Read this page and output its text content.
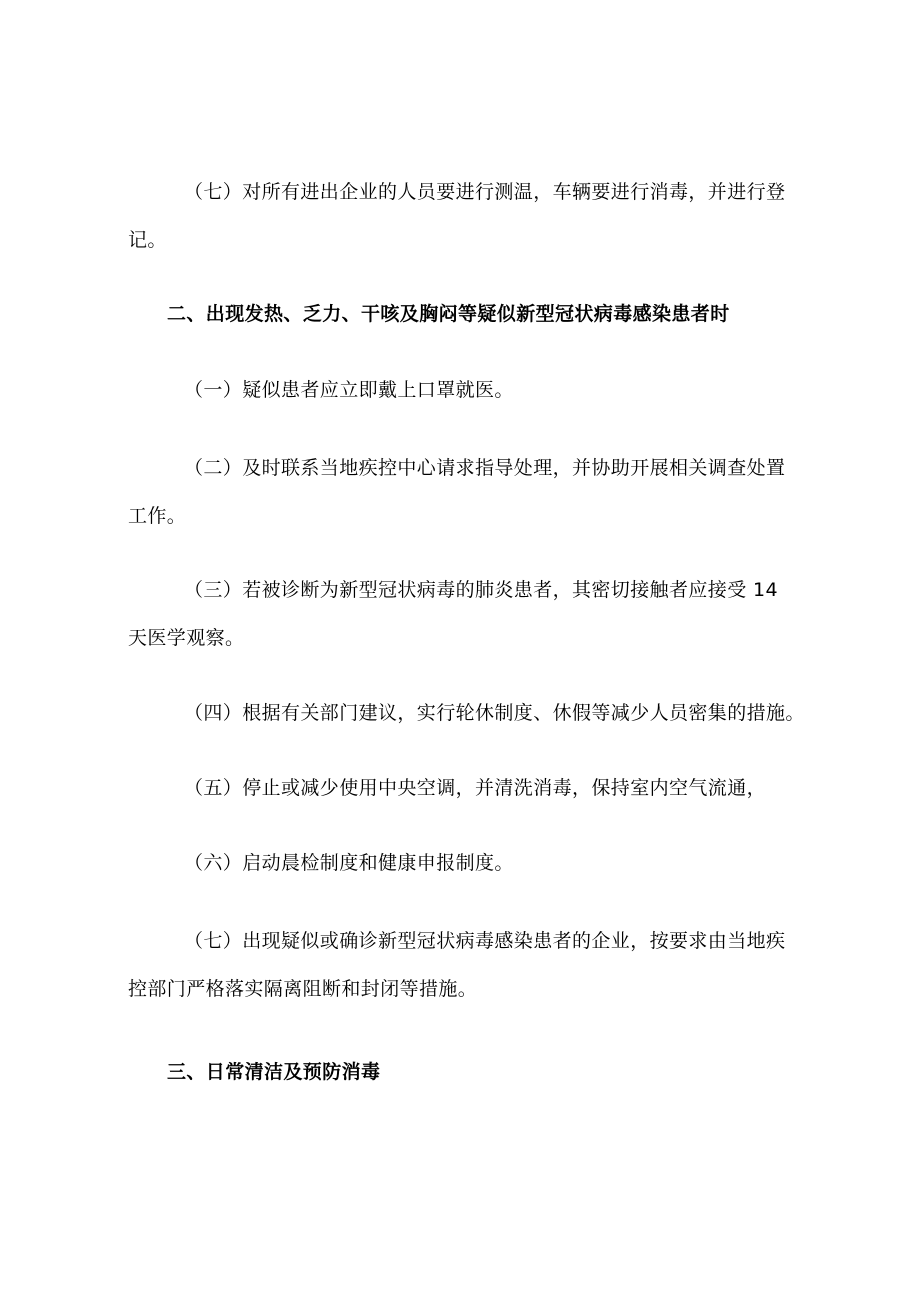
（七）对所有进出企业的人员要进行测温，车辆要进行消毒，并进行登
记。
二、出现发热、乏力、干咳及胸闷等疑似新型冠状病毒感染患者时
（一）疑似患者应立即戴上口罩就医。
（二）及时联系当地疾控中心请求指导处理，并协助开展相关调查处置
工作。
（三）若被诊断为新型冠状病毒的肺炎患者，其密切接触者应接受 14
天医学观察。
（四）根据有关部门建议，实行轮休制度、休假等减少人员密集的措施。
（五）停止或减少使用中央空调，并清洗消毒，保持室内空气流通，
（六）启动晨检制度和健康申报制度。
（七）出现疑似或确诊新型冠状病毒感染患者的企业，按要求由当地疾
控部门严格落实隔离阻断和封闭等措施。
三、日常清洁及预防消毒
